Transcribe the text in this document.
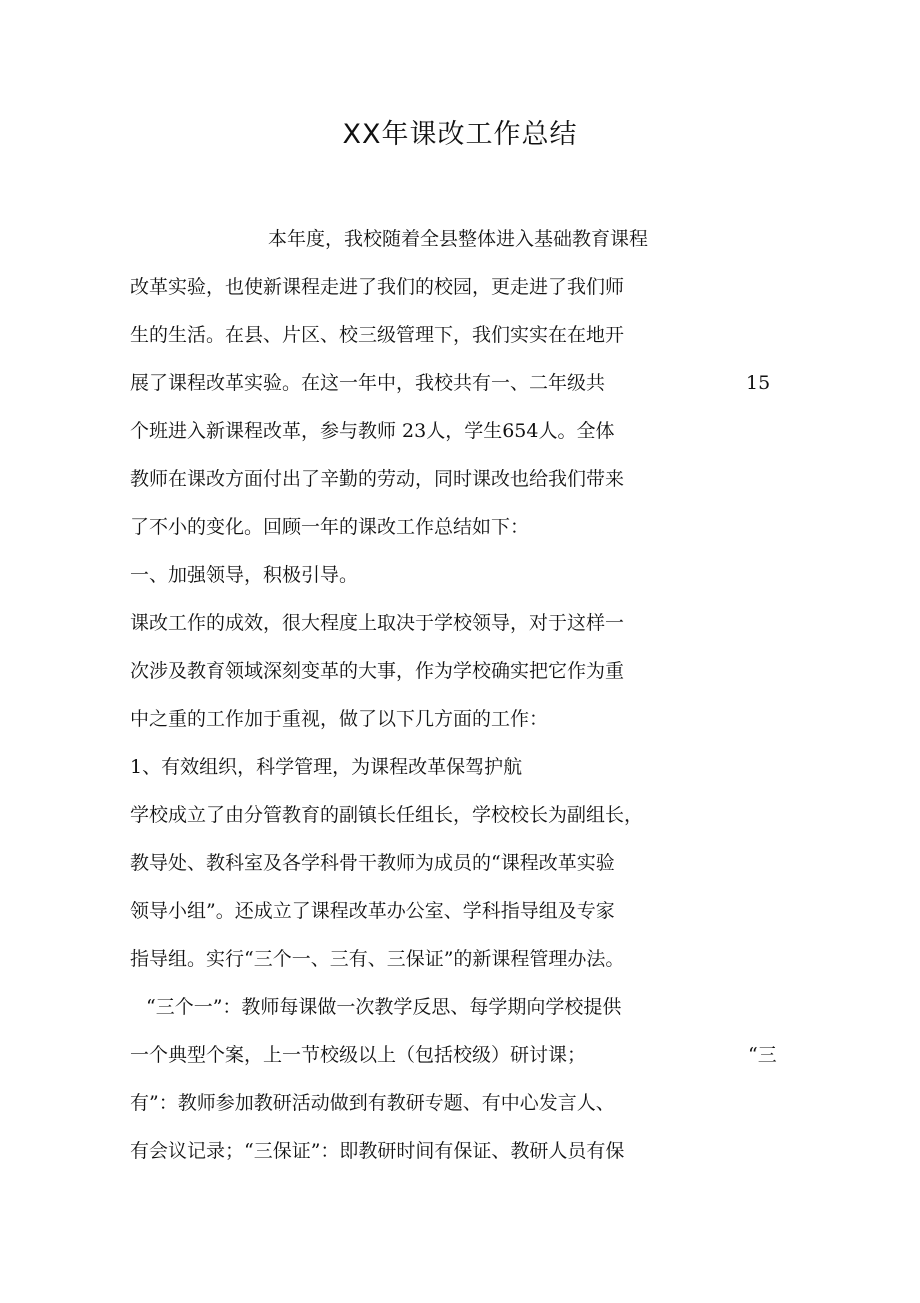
XX年课改工作总结
本年度，我校随着全县整体进入基础教育课程
改革实验，也使新课程走进了我们的校园，更走进了我们师
生的生活。在县、片区、校三级管理下，我们实实在在地开
展了课程改革实验。在这一年中，我校共有一、二年级共	15
个班进入新课程改革，参与教师 23人，学生654人。全体
教师在课改方面付出了辛勤的劳动，同时课改也给我们带来
了不小的变化。回顾一年的课改工作总结如下：
一、加强领导，积极引导。
课改工作的成效，很大程度上取决于学校领导，对于这样一
次涉及教育领域深刻变革的大事，作为学校确实把它作为重
中之重的工作加于重视，做了以下几方面的工作：
1、有效组织，科学管理，为课程改革保驾护航
学校成立了由分管教育的副镇长任组长，学校校长为副组长，
教导处、教科室及各学科骨干教师为成员的“课程改革实验
领导小组”。还成立了课程改革办公室、学科指导组及专家
指导组。实行“三个一、三有、三保证”的新课程管理办法。
“三个一”：教师每课做一次教学反思、每学期向学校提供
一个典型个案，上一节校级以上（包括校级）研讨课；	“三
有”：教师参加教研活动做到有教研专题、有中心发言人、
有会议记录；“三保证”：即教研时间有保证、教研人员有保
